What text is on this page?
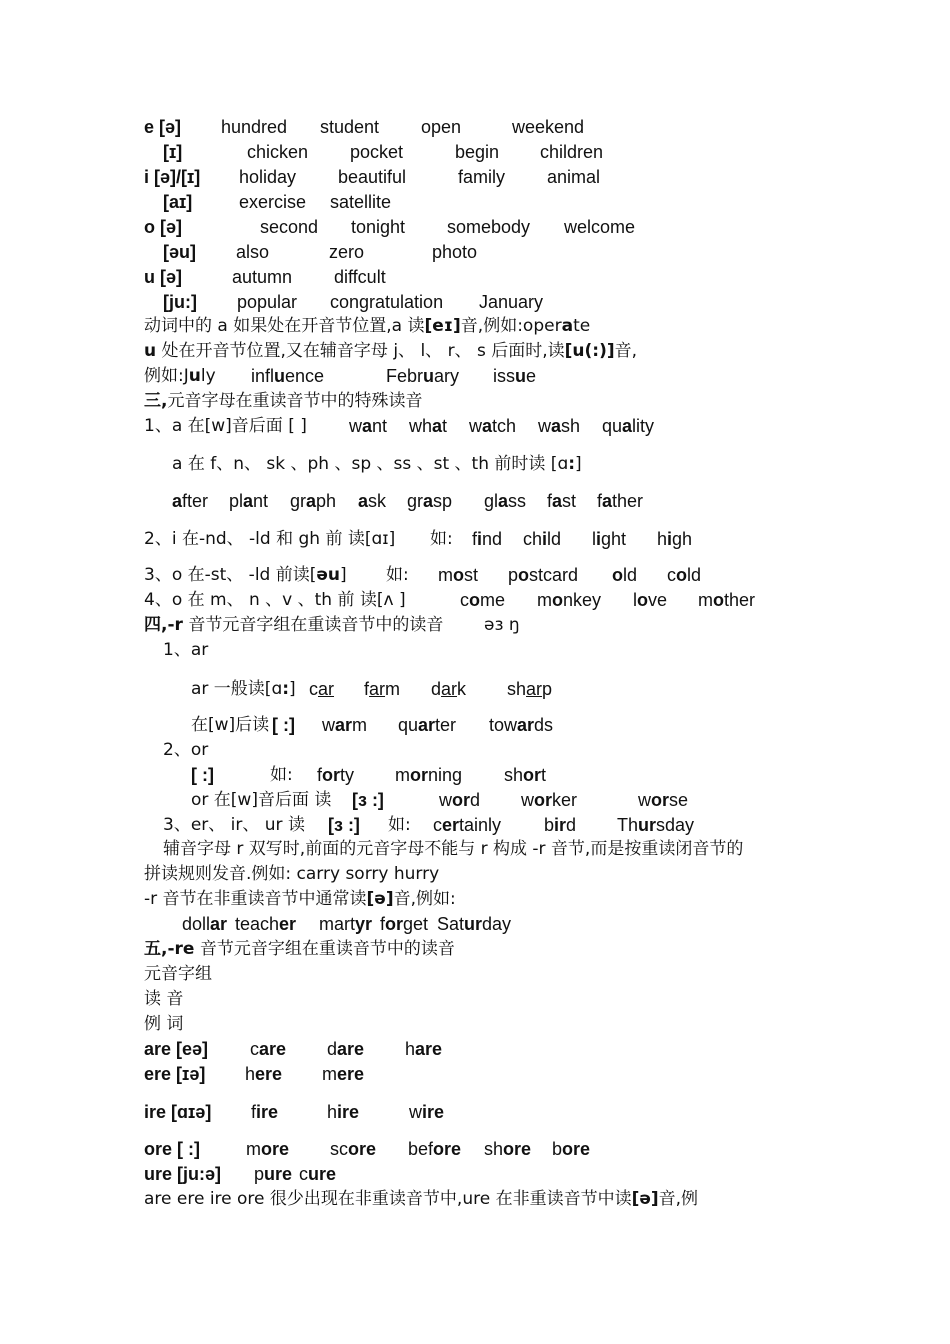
e [ə] hundred student open	weekend
[ɪ]	chicken pocket	begin children
i [ə]/[ɪ] holiday beautiful	family animal
[aɪ]	exercise satellite
o [ə]	second tonight somebody welcome
[əu] also	zero	photo
u [ə]	autumn diffcult
[ju:] popular congratulation January
动词中的 a 如果处在开音节位置,a 读[eɪ]音,例如:operate
u 处在开音节位置,又在辅音字母 j、 l、 r、 s 后面时,读[u(:)]音,
例如:July influence	February issue
三,元音字母在重读音节中的特殊读音
1、a 在[w]音后面 [ ] want what watch wash quality
a 在 f、n、 sk 、ph 、sp 、ss 、st 、th 前时读 [ɑ:]
after plant graph ask grasp glass fast father
2、i 在-nd、 -ld 和 gh 前 读[ɑɪ] 如: find child light high
3、o 在-st、 -ld 前读[əu] 如: most postcard old cold
4、o 在 m、 n 、v 、th 前 读[ʌ ]	come monkey love mother
四,-r 音节元音字组在重读音节中的读音 əɜ ŋ
1、ar
ar 一般读[ɑ:] car farm dark sharp
在[w]后读 [ :] warm quarter towards
2、or
[ :]	如: forty morning short
or 在[w]音后面 读 [ɜ :]	word worker	worse
3、er、 ir、 ur 读 [ɜ :] 如: certainly bird Thursday
辅音字母 r 双写时,前面的元音字母不能与 r 构成 -r 音节,而是按重读闭音节的
拼读规则发音.例如: carry sorry hurry
-r 音节在非重读音节中通常读[ə]音,例如:
dollar teacher martyr forget Saturday
五,-re 音节元音字组在重读音节中的读音
元音字组
读 音
例 词
are [eə] care dare hare
ere [ɪə] here mere
ire [ɑɪə] fire	hire	wire
ore [ :]	more score before shore bore
ure [ju:ə] pure cure
are ere ire ore 很少出现在非重读音节中,ure 在非重读音节中读[ə]音,例
